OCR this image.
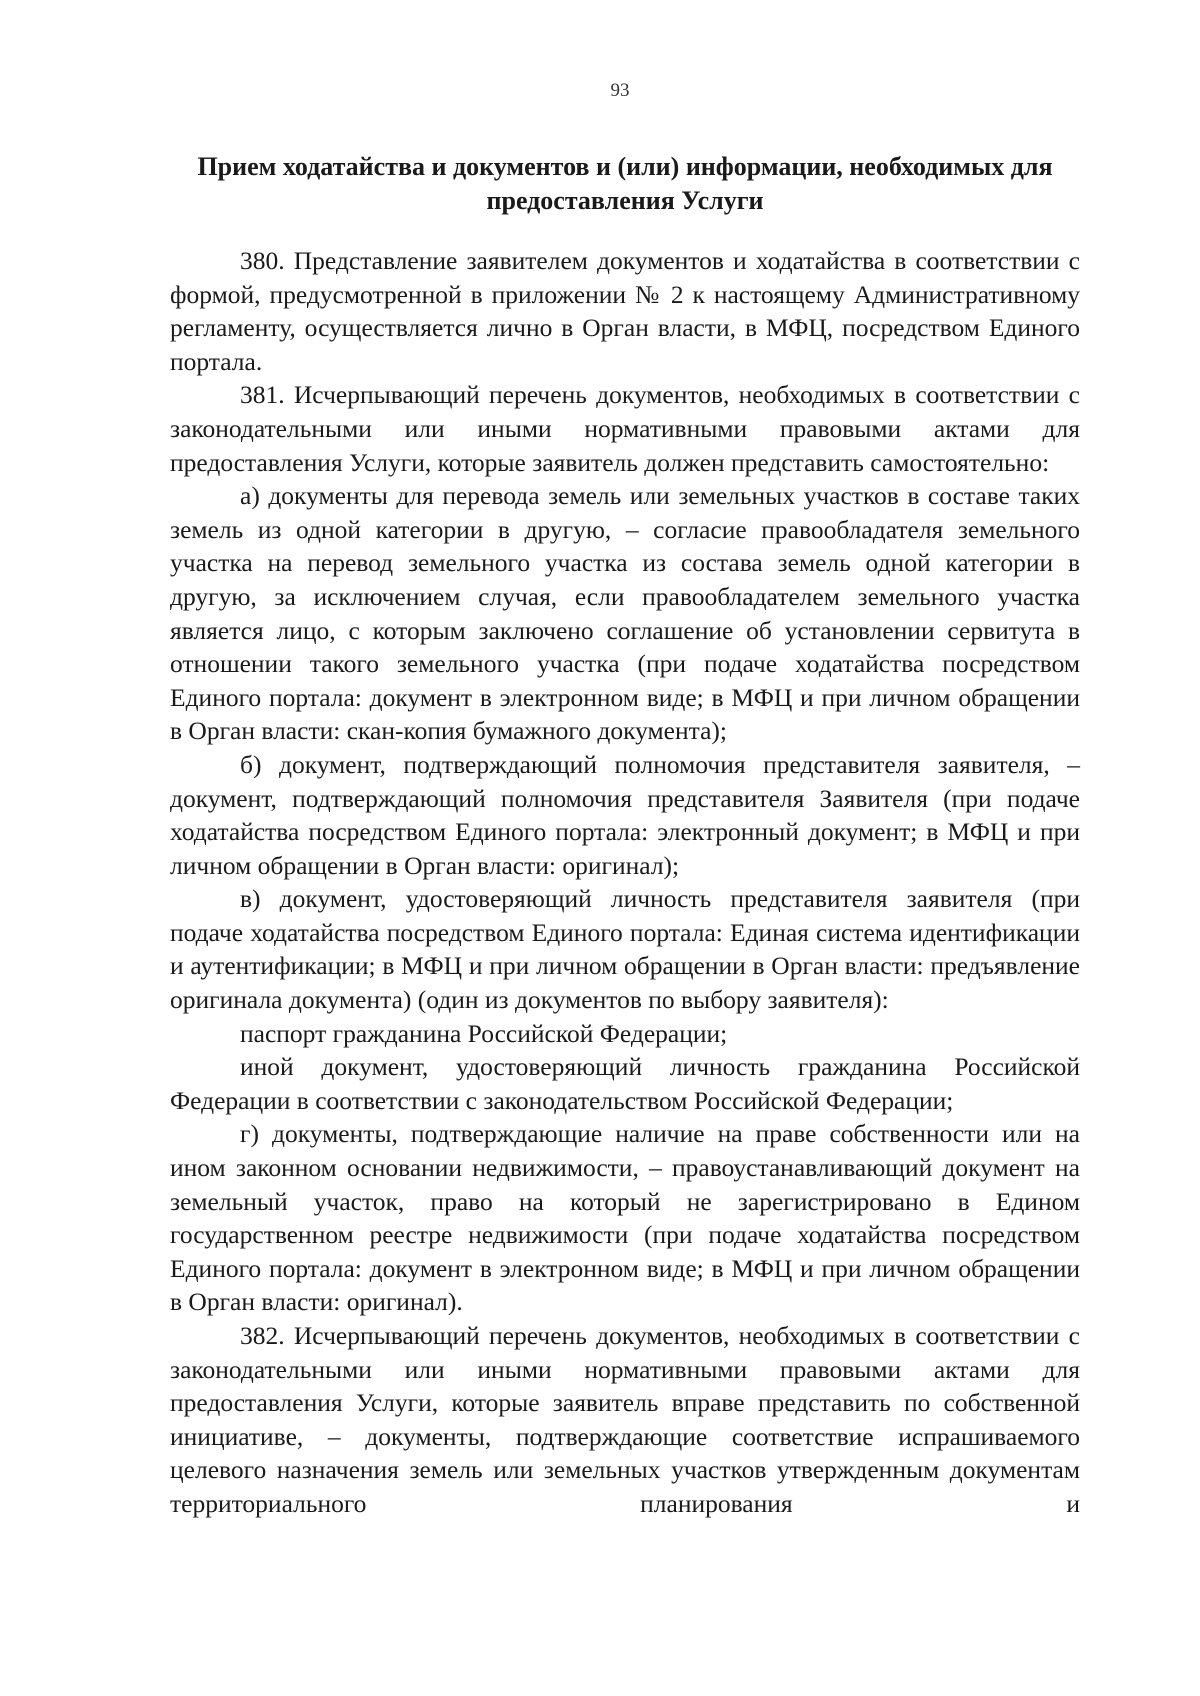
93
Прием ходатайства и документов и (или) информации, необходимых для предоставления Услуги

380. Представление заявителем документов и ходатайства в соответствии с формой, предусмотренной в приложении № 2 к настоящему Административному регламенту, осуществляется лично в Орган власти, в МФЦ, посредством Единого портала.

381. Исчерпывающий перечень документов, необходимых в соответствии с законодательными или иными нормативными правовыми актами для предоставления Услуги, которые заявитель должен представить самостоятельно:

а) документы для перевода земель или земельных участков в составе таких земель из одной категории в другую, – согласие правообладателя земельного участка на перевод земельного участка из состава земель одной категории в другую, за исключением случая, если правообладателем земельного участка является лицо, с которым заключено соглашение об установлении сервитута в отношении такого земельного участка (при подаче ходатайства посредством Единого портала: документ в электронном виде; в МФЦ и при личном обращении в Орган власти: скан-копия бумажного документа);

б) документ, подтверждающий полномочия представителя заявителя, – документ, подтверждающий полномочия представителя Заявителя (при подаче ходатайства посредством Единого портала: электронный документ; в МФЦ и при личном обращении в Орган власти: оригинал);

в) документ, удостоверяющий личность представителя заявителя (при подаче ходатайства посредством Единого портала: Единая система идентификации и аутентификации; в МФЦ и при личном обращении в Орган власти: предъявление оригинала документа) (один из документов по выбору заявителя):

паспорт гражданина Российской Федерации;

иной документ, удостоверяющий личность гражданина Российской Федерации в соответствии с законодательством Российской Федерации;

г) документы, подтверждающие наличие на праве собственности или на ином законном основании недвижимости, – правоустанавливающий документ на земельный участок, право на который не зарегистрировано в Едином государственном реестре недвижимости (при подаче ходатайства посредством Единого портала: документ в электронном виде; в МФЦ и при личном обращении в Орган власти: оригинал).

382. Исчерпывающий перечень документов, необходимых в соответствии с законодательными или иными нормативными правовыми актами для предоставления Услуги, которые заявитель вправе представить по собственной инициативе, – документы, подтверждающие соответствие испрашиваемого целевого назначения земель или земельных участков утвержденным документам территориального планирования и
